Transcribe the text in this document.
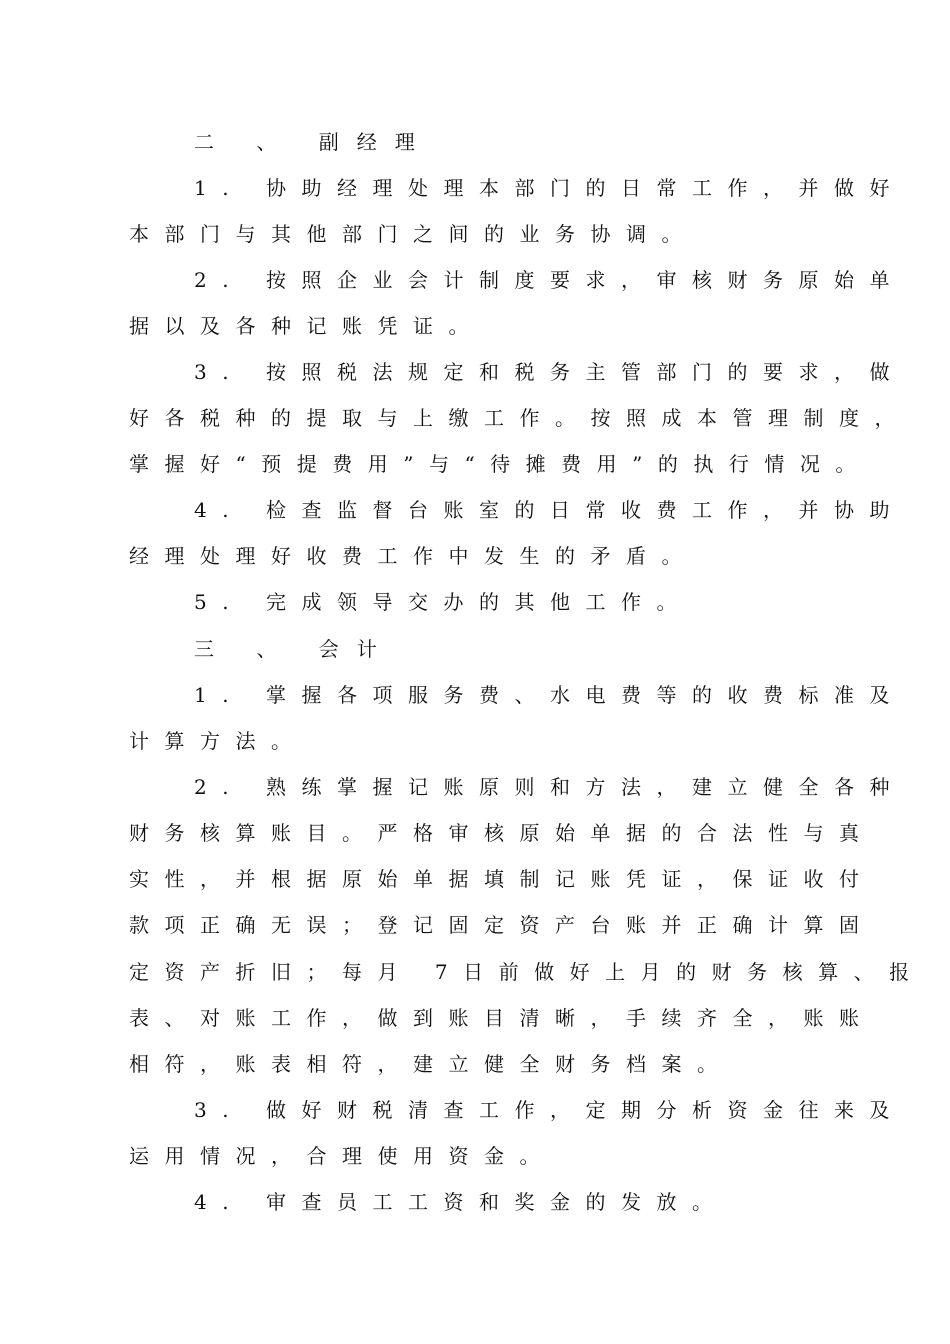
二 、 副经理
1. 协助经理处理本部门的日常工作，并做好
本部门与其他部门之间的业务协调。
2. 按照企业会计制度要求，审核财务原始单
据以及各种记账凭证。
3. 按照税法规定和税务主管部门的要求，做
好各税种的提取与上缴工作。按照成本管理制度，
掌握好“预提费用”与“待摊费用”的执行情况。
4. 检查监督台账室的日常收费工作，并协助
经理处理好收费工作中发生的矛盾。
5. 完成领导交办的其他工作。
三 、 会计
1. 掌握各项服务费、水电费等的收费标准及
计算方法。
2. 熟练掌握记账原则和方法，建立健全各种
财务核算账目。严格审核原始单据的合法性与真
实性，并根据原始单据填制记账凭证，保证收付
款项正确无误；登记固定资产台账并正确计算固
定资产折旧；每月 7日前做好上月的财务核算、报
表、对账工作，做到账目清晰，手续齐全，账账
相符，账表相符，建立健全财务档案。
3. 做好财税清查工作，定期分析资金往来及
运用情况，合理使用资金。
4. 审查员工工资和奖金的发放。
